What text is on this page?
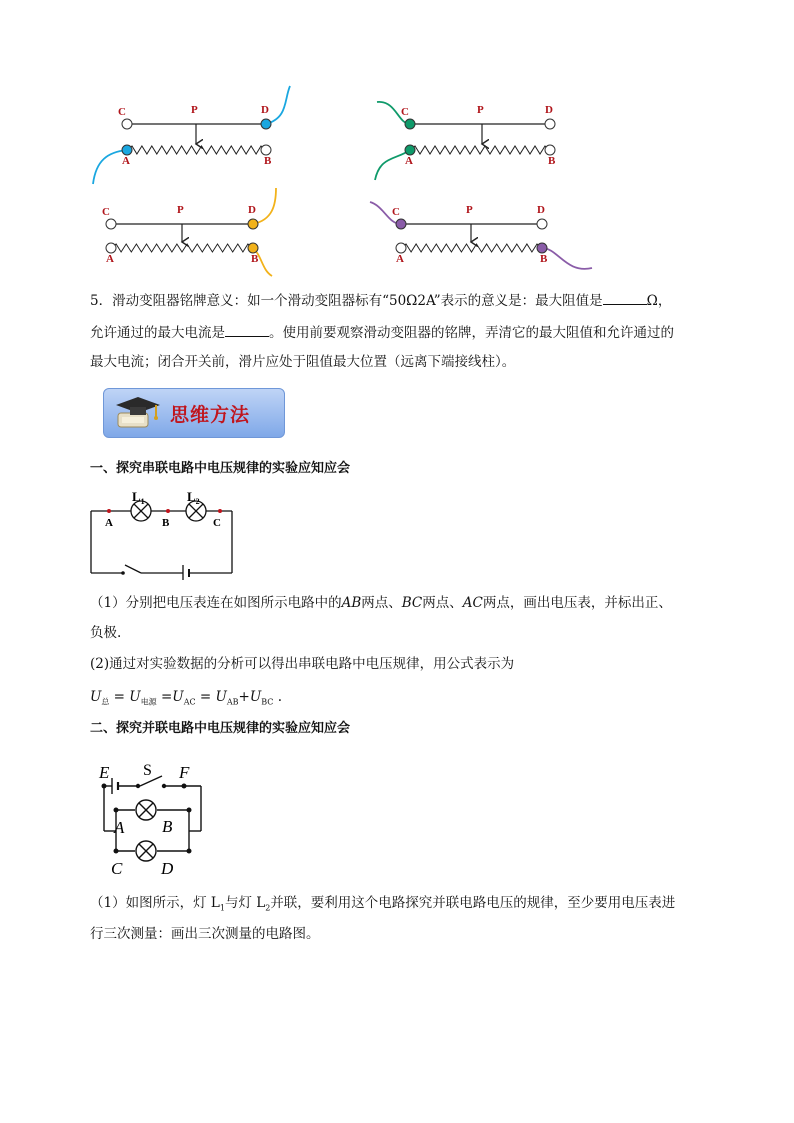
C	D
P
A	B
C	D
P
A	B
C	D
P
A	B
C	D
P
A	B
5．滑动变阻器铭牌意义：如一个滑动变阻器标有“50Ω2A”表示的意义是：最大阻值是	Ω，
允许通过的最大电流是	。使用前要观察滑动变阻器的铭牌，弄清它的最大阻值和允许通过的
最大电流；闭合开关前，滑片应处于阻值最大位置（远离下端接线柱）。
思维方法
一、探究串联电路中电压规律的实验应知应会
$L_1$	$L_2$
A	B	C
（1）分别把电压表连在如图所示电路中的AB两点、BC两点、AC两点，画出电压表，并标出正、
负极.
(2)通过对实验数据的分析可以得出串联电路中电压规律，用公式表示为
$U_总 = U_{电源} =U_{AC} = U_{AB}+U_{BC}$ .
二、探究并联电路中电压规律的实验应知应会
E S F
A B
C D
（1）如图所示，灯 $L_1$与灯 $L_2$并联，要利用这个电路探究并联电路电压的规律，至少要用电压表进
行三次测量：画出三次测量的电路图。
